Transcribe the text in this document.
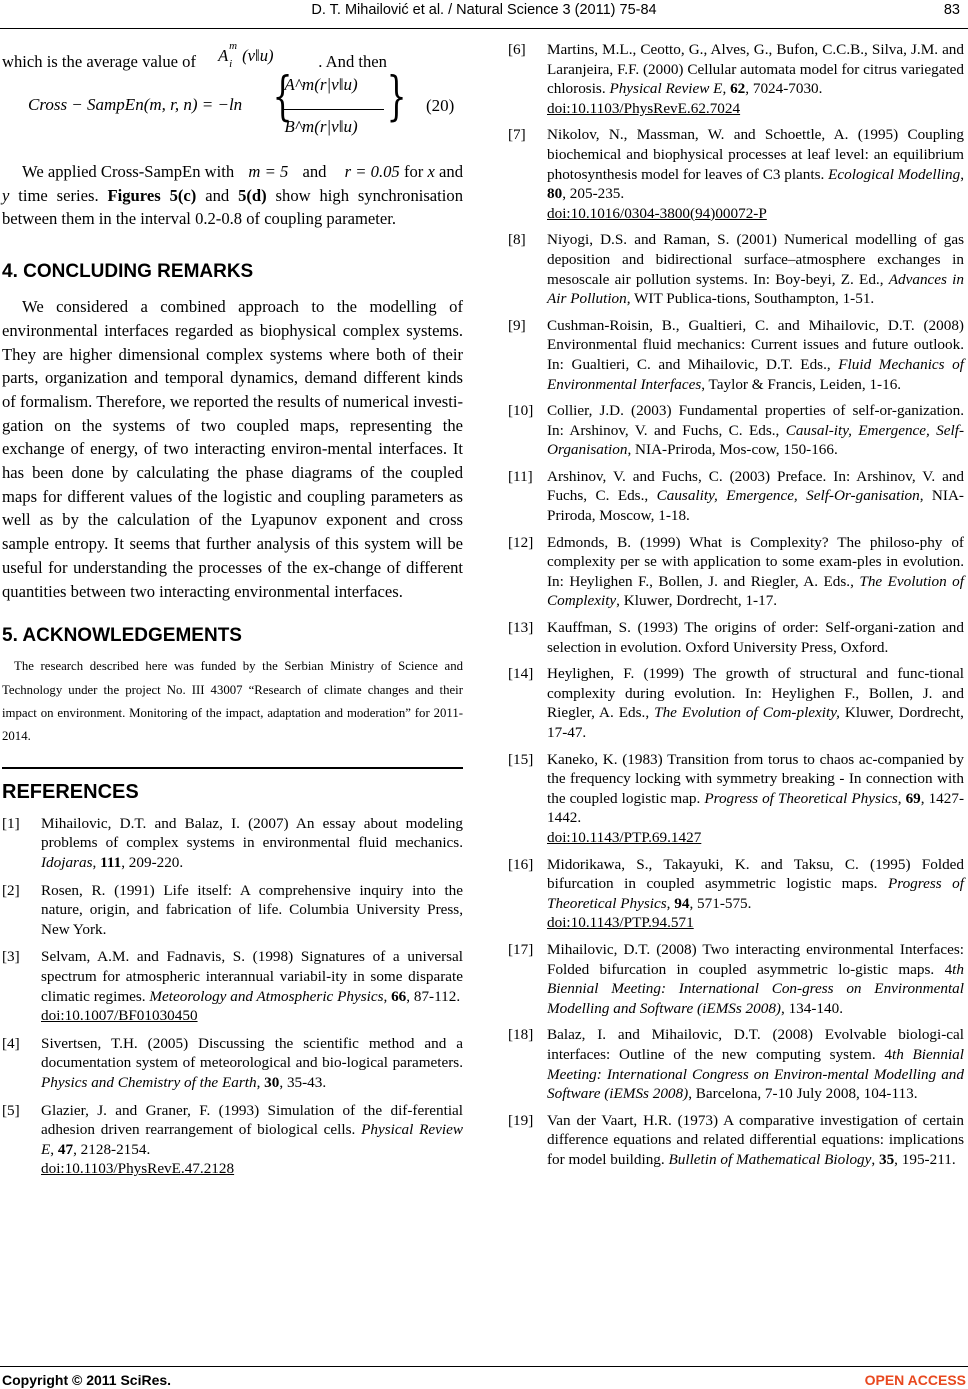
D. T. Mihailović et al. / Natural Science 3 (2011) 75-84	83
which is the average value of A m
i (v‖u)	. And then
Cross − SampEn(m, r, n) = −ln {
A^m(r|v‖u)
B^m(r|v‖u) } (20)

We applied Cross-SampEn with m = 5 and r = 0.05 for x and y time series. Figures 5(c) and 5(d) show high synchronisation between them in the interval 0.2-0.8 of coupling parameter.

4. CONCLUDING REMARKS

We considered a combined approach to the modelling of environmental interfaces regarded as biophysical complex systems. They are higher dimensional complex systems where both of their parts, organization and temporal dynamics, demand different kinds of formalism. Therefore, we reported the results of numerical investi-gation on the systems of two coupled maps, representing the exchange of energy, of two interacting environ-mental interfaces. It has been done by calculating the phase diagrams of the coupled maps for different values of the logistic and coupling parameters as well as by the calculation of the Lyapunov exponent and cross sample entropy. It seems that further analysis of this system will be useful for understanding the processes of the ex-change of different quantities between two interacting environmental interfaces.

5. ACKNOWLEDGEMENTS

The research described here was funded by the Serbian Ministry of Science and Technology under the project No. III 43007 “Research of climate changes and their impact on environment. Monitoring of the impact, adaptation and moderation” for 2011-2014.

REFERENCES
[1] Mihailovic, D.T. and Balaz, I. (2007) An essay about modeling problems of complex systems in environmental fluid mechanics. Idojaras, 111, 209-220.
[2] Rosen, R. (1991) Life itself: A comprehensive inquiry into the nature, origin, and fabrication of life. Columbia University Press, New York.
[3] Selvam, A.M. and Fadnavis, S. (1998) Signatures of a universal spectrum for atmospheric interannual variabil-ity in some disparate climatic regimes. Meteorology and Atmospheric Physics, 66, 87-112.
doi:10.1007/BF01030450
[4] Sivertsen, T.H. (2005) Discussing the scientific method and a documentation system of meteorological and bio-logical parameters. Physics and Chemistry of the Earth, 30, 35-43.
[5] Glazier, J. and Graner, F. (1993) Simulation of the dif-ferential adhesion driven rearrangement of biological cells. Physical Review E, 47, 2128-2154.
doi:10.1103/PhysRevE.47.2128
[6] Martins, M.L., Ceotto, G., Alves, G., Bufon, C.C.B., Silva, J.M. and Laranjeira, F.F. (2000) Cellular automata model for citrus variegated chlorosis. Physical Review E, 62, 7024-7030.
doi:10.1103/PhysRevE.62.7024
[7] Nikolov, N., Massman, W. and Schoettle, A. (1995) Coupling biochemical and biophysical processes at leaf level: an equilibrium photosynthesis model for leaves of C3 plants. Ecological Modelling, 80, 205-235.
doi:10.1016/0304-3800(94)00072-P
[8] Niyogi, D.S. and Raman, S. (2001) Numerical modelling of gas deposition and bidirectional surface–atmosphere exchanges in mesoscale air pollution systems. In: Boy-beyi, Z. Ed., Advances in Air Pollution, WIT Publica-tions, Southampton, 1-51.
[9] Cushman-Roisin, B., Gualtieri, C. and Mihailovic, D.T. (2008) Environmental fluid mechanics: Current issues and future outlook. In: Gualtieri, C. and Mihailovic, D.T. Eds., Fluid Mechanics of Environmental Interfaces, Taylor & Francis, Leiden, 1-16.
[10] Collier, J.D. (2003) Fundamental properties of self-or-ganization. In: Arshinov, V. and Fuchs, C. Eds., Causal-ity, Emergence, Self-Organisation, NIA-Priroda, Mos-cow, 150-166.
[11] Arshinov, V. and Fuchs, C. (2003) Preface. In: Arshinov, V. and Fuchs, C. Eds., Causality, Emergence, Self-Or-ganisation, NIA-Priroda, Moscow, 1-18.
[12] Edmonds, B. (1999) What is Complexity? The philoso-phy of complexity per se with application to some exam-ples in evolution. In: Heylighen F., Bollen, J. and Riegler, A. Eds., The Evolution of Complexity, Kluwer, Dordrecht, 1-17.
[13] Kauffman, S. (1993) The origins of order: Self-organi-zation and selection in evolution. Oxford University Press, Oxford.
[14] Heylighen, F. (1999) The growth of structural and func-tional complexity during evolution. In: Heylighen F., Bollen, J. and Riegler, A. Eds., The Evolution of Com-plexity, Kluwer, Dordrecht, 17-47.
[15] Kaneko, K. (1983) Transition from torus to chaos ac-companied by the frequency locking with symmetry breaking - In connection with the coupled logistic map. Progress of Theoretical Physics, 69, 1427-1442.
doi:10.1143/PTP.69.1427
[16] Midorikawa, S., Takayuki, K. and Taksu, C. (1995) Folded bifurcation in coupled asymmetric logistic maps. Progress of Theoretical Physics, 94, 571-575.
doi:10.1143/PTP.94.571
[17] Mihailovic, D.T. (2008) Two interacting environmental Interfaces: Folded bifurcation in coupled asymmetric lo-gistic maps. 4th Biennial Meeting: International Con-gress on Environmental Modelling and Software (iEMSs 2008), 134-140.
[18] Balaz, I. and Mihailovic, D.T. (2008) Evolvable biologi-cal interfaces: Outline of the new computing system. 4th Biennial Meeting: International Congress on Environ-mental Modelling and Software (iEMSs 2008), Barcelona, 7-10 July 2008, 104-113.
[19] Van der Vaart, H.R. (1973) A comparative investigation of certain difference equations and related differential equations: implications for model building. Bulletin of Mathematical Biology, 35, 195-211.
Copyright © 2011 SciRes.	OPEN ACCESS
